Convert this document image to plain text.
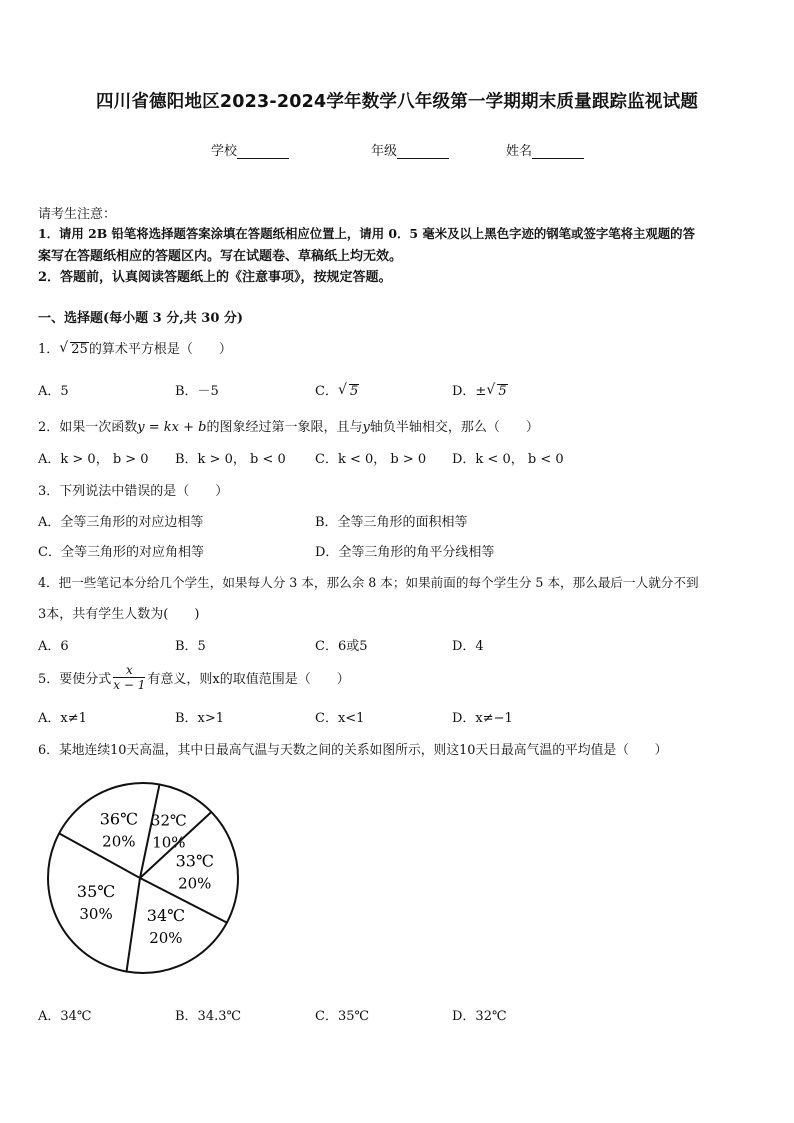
四川省德阳地区2023-2024学年数学八年级第一学期期末质量跟踪监视试题
学校	年级	姓名
请考生注意：
1．请用 2B 铅笔将选择题答案涂填在答题纸相应位置上，请用 0．5 毫米及以上黑色字迹的钢笔或签字笔将主观题的答
案写在答题纸相应的答题区内。写在试题卷、草稿纸上均无效。
2．答题前，认真阅读答题纸上的《注意事项》，按规定答题。
一、选择题(每小题 3 分,共 30 分)
1． √ 25的算术平方根是（　　）
A．5	B．－5	C． √ 5	D．± √ 5
2．如果一次函数y = kx + b的图象经过第一象限，且与y轴负半轴相交，那么（　　）
A．k > 0， b > 0 B．k > 0， b < 0 C．k < 0， b > 0 D．k < 0， b < 0
3．下列说法中错误的是（　　）
A．全等三角形的对应边相等	B．全等三角形的面积相等
C．全等三角形的对应角相等	D．全等三角形的角平分线相等
4．把一些笔记本分给几个学生，如果每人分 3 本，那么余 8 本；如果前面的每个学生分 5 本，那么最后一人就分不到
3本，共有学生人数为(　　)
A．6	B．5	C．6或5	D．4
5．要使分式 $\frac{x}{x - 1}$ 有意义，则x的取值范围是（　　）
A．x≠1	B．x>1	C．x<1	D．x≠−1
6．某地连续10天高温，其中日最高气温与天数之间的关系如图所示，则这10天日最高气温的平均值是（　　）
32℃
10%
33℃
20%
34℃
20%
35℃
30%
36℃
20%
A．34℃	B．34.3℃	C．35℃	D．32℃
